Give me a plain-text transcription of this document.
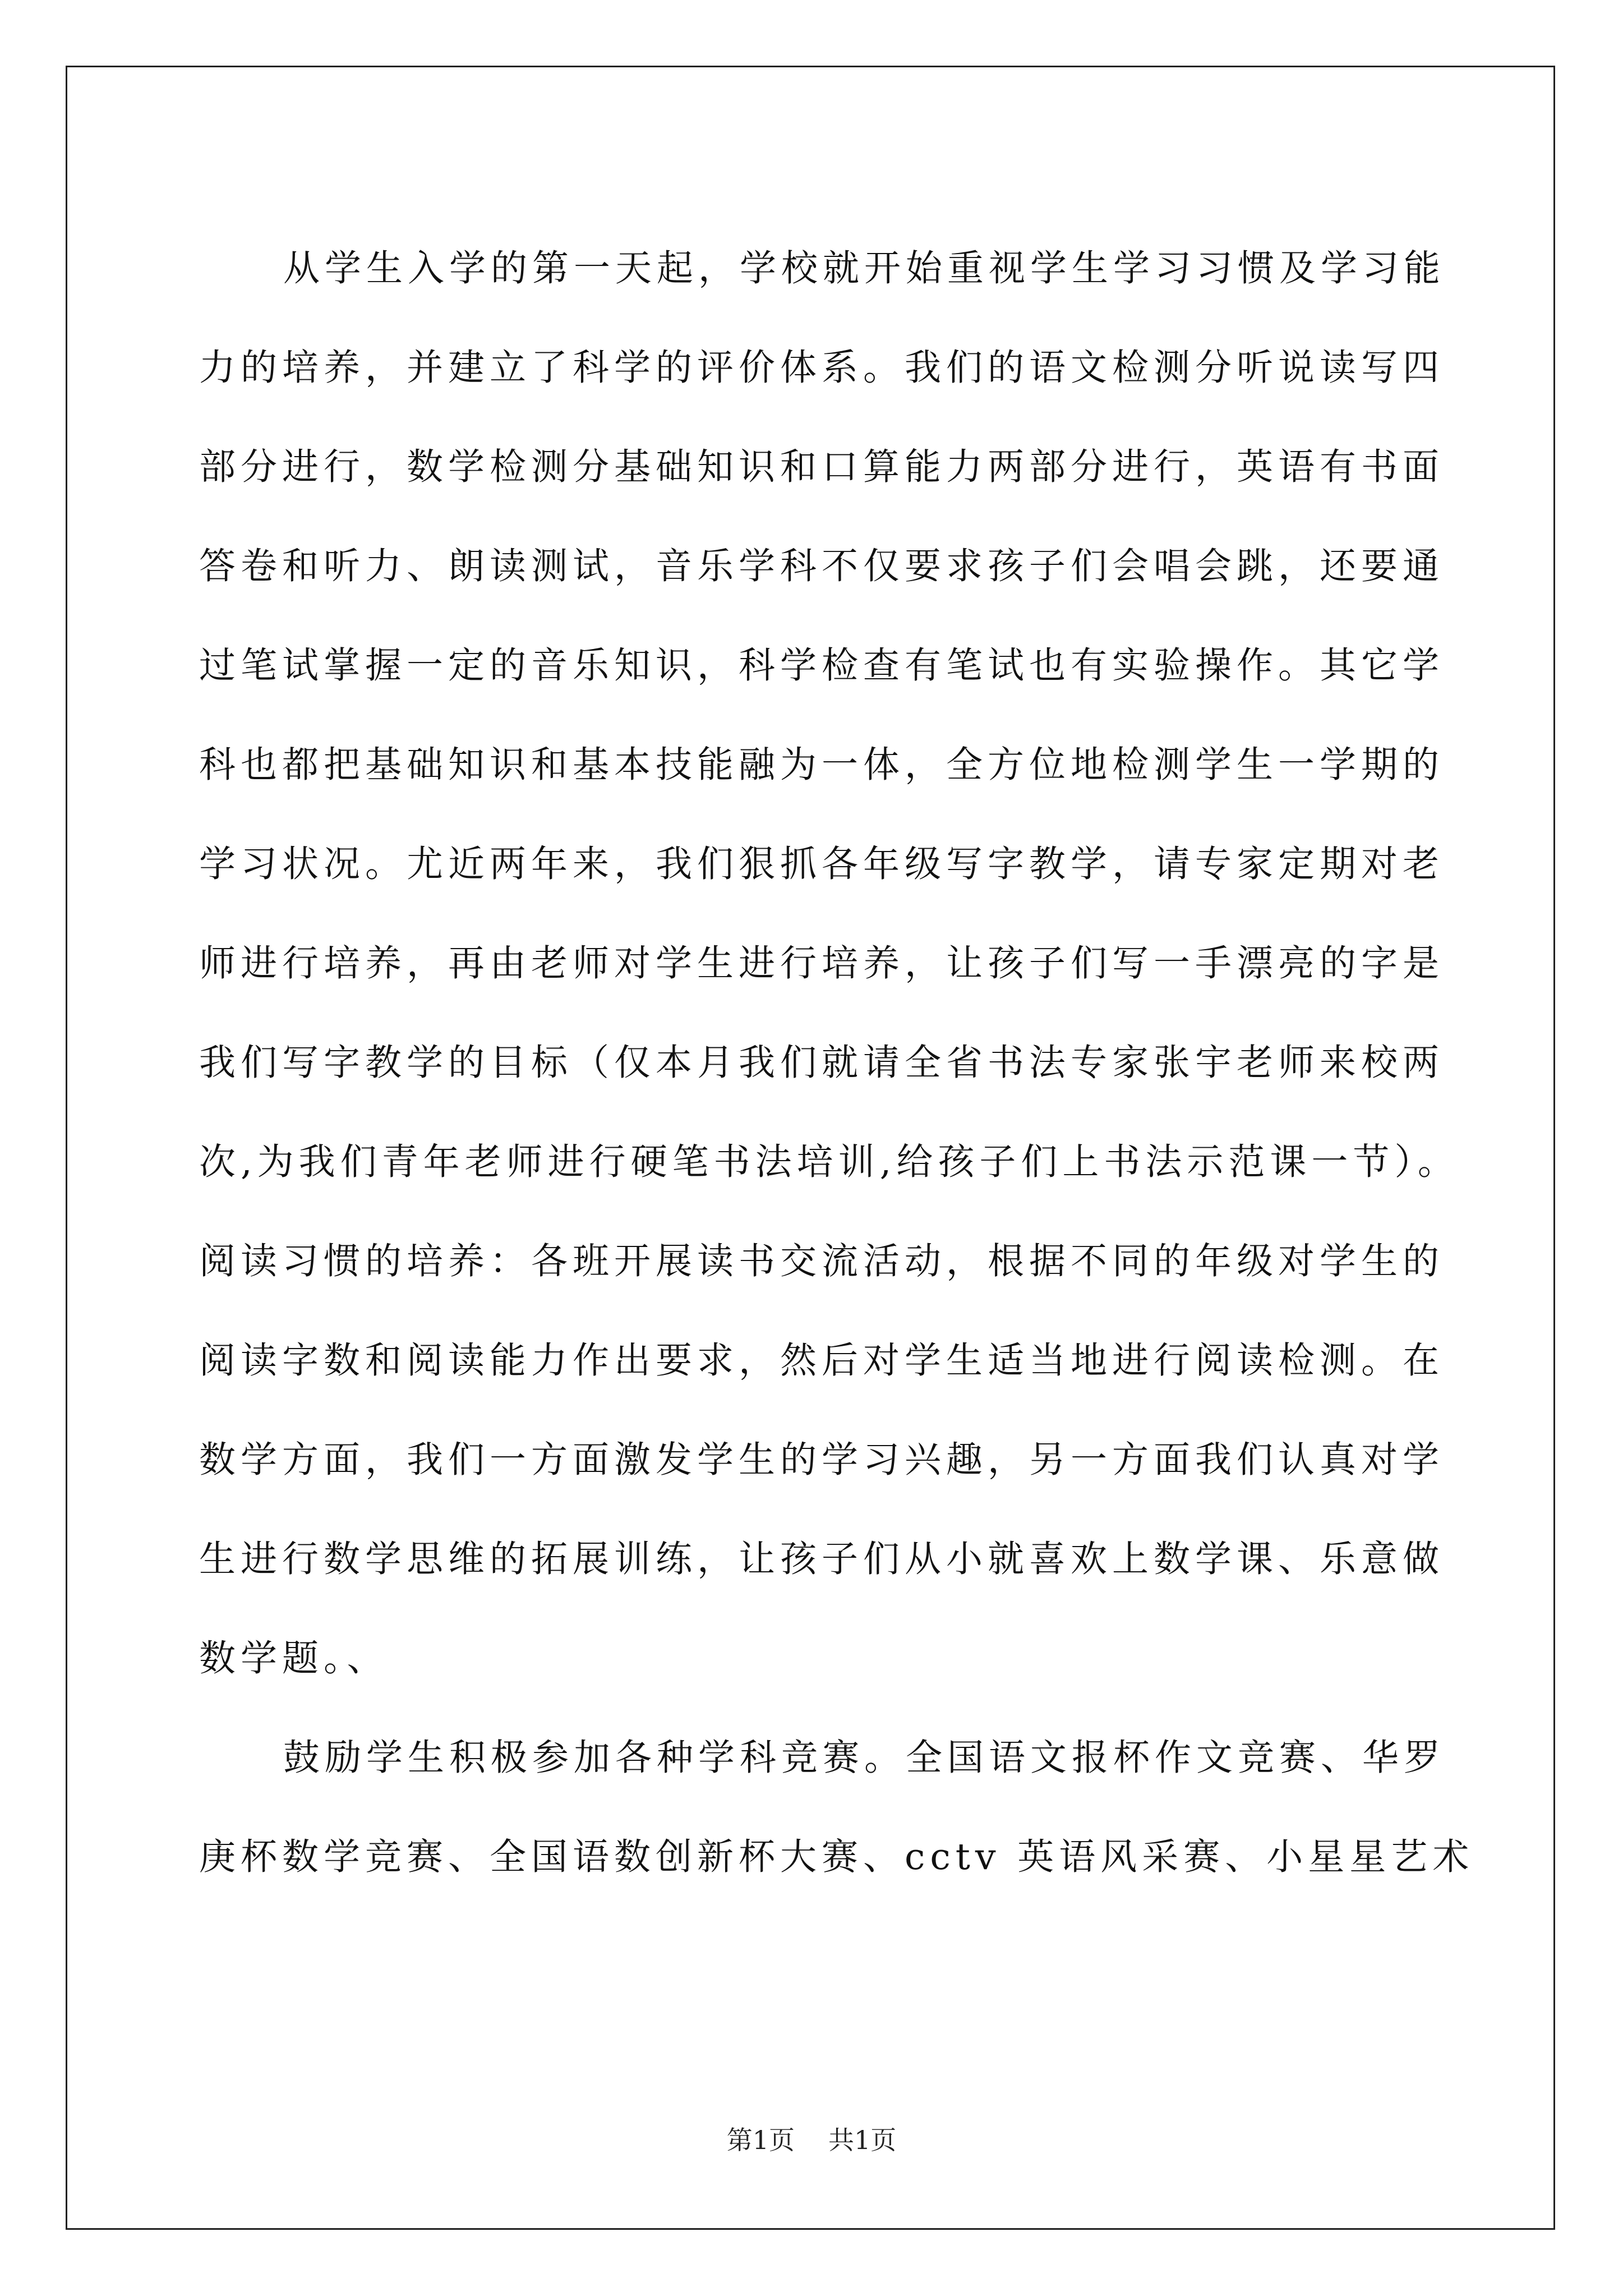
从学生入学的第一天起，学校就开始重视学生学习习惯及学习能
力的培养，并建立了科学的评价体系。我们的语文检测分听说读写四
部分进行，数学检测分基础知识和口算能力两部分进行，英语有书面
答卷和听力、朗读测试，音乐学科不仅要求孩子们会唱会跳，还要通
过笔试掌握一定的音乐知识，科学检查有笔试也有实验操作。其它学
科也都把基础知识和基本技能融为一体，全方位地检测学生一学期的
学习状况。尤近两年来，我们狠抓各年级写字教学，请专家定期对老
师进行培养，再由老师对学生进行培养，让孩子们写一手漂亮的字是
我们写字教学的目标（仅本月我们就请全省书法专家张宇老师来校两
次,为我们青年老师进行硬笔书法培训,给孩子们上书法示范课一节）。
阅读习惯的培养：各班开展读书交流活动，根据不同的年级对学生的
阅读字数和阅读能力作出要求，然后对学生适当地进行阅读检测。在
数学方面，我们一方面激发学生的学习兴趣，另一方面我们认真对学
生进行数学思维的拓展训练，让孩子们从小就喜欢上数学课、乐意做
数学题。、
鼓励学生积极参加各种学科竞赛。全国语文报杯作文竞赛、华罗
庚杯数学竞赛、全国语数创新杯大赛、cctv 英语风采赛、小星星艺术
第1页 共1页
